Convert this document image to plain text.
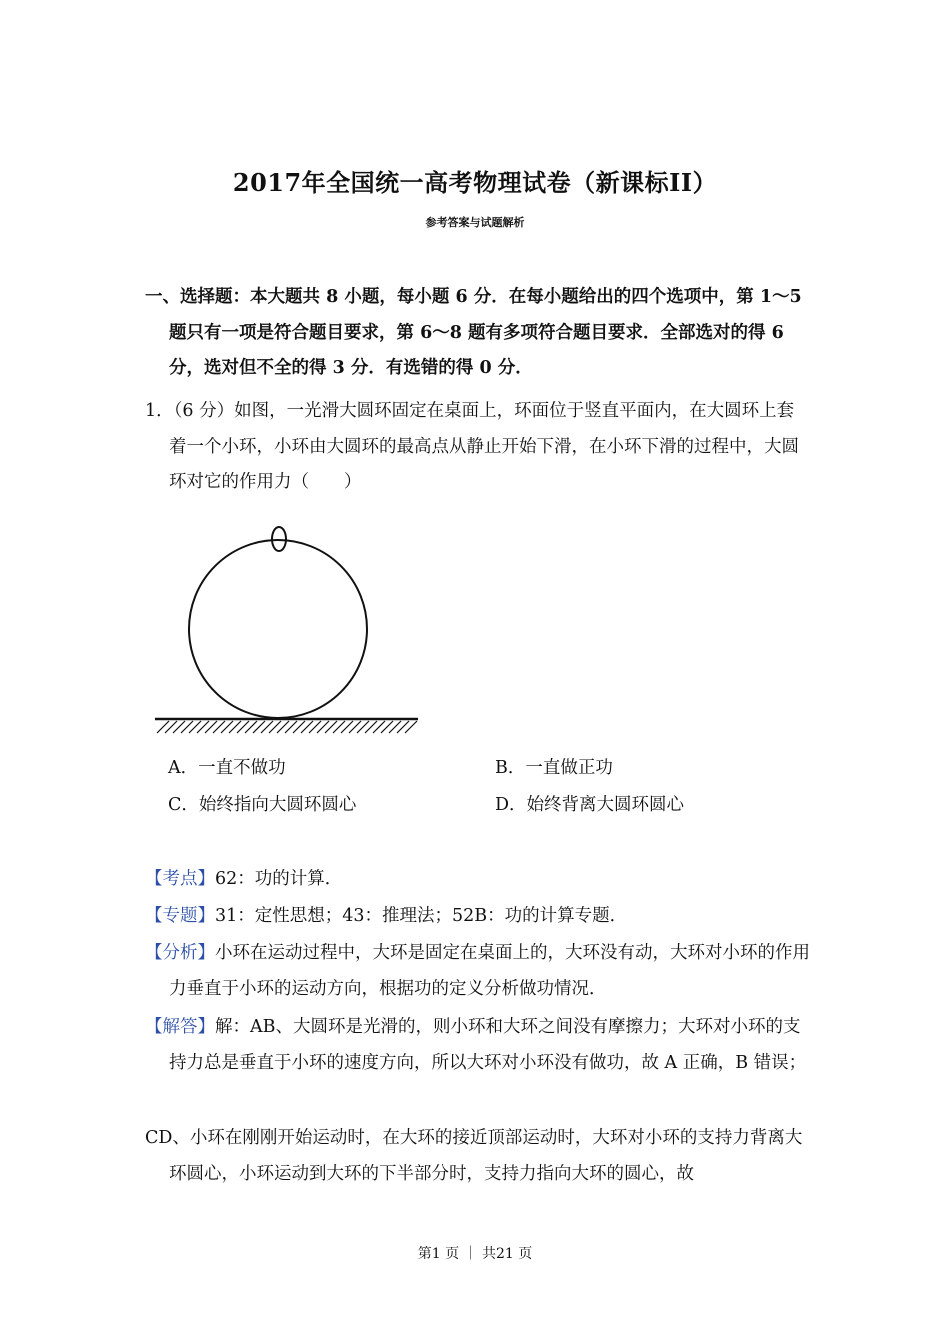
2017年全国统一高考物理试卷（新课标II）
参考答案与试题解析
一、选择题：本大题共 8 小题，每小题 6 分．在每小题给出的四个选项中，第 1～5 题只有一项是符合题目要求，第 6～8 题有多项符合题目要求．全部选对的得 6 分，选对但不全的得 3 分．有选错的得 0 分．
1．（6 分）如图，一光滑大圆环固定在桌面上，环面位于竖直平面内，在大圆环上套着一个小环，小环由大圆环的最高点从静止开始下滑，在小环下滑的过程中，大圆环对它的作用力（　　）
A．一直不做功	B．一直做正功
C．始终指向大圆环圆心	D．始终背离大圆环圆心
【考点】62：功的计算．
【专题】31：定性思想；43：推理法；52B：功的计算专题．
【分析】小环在运动过程中，大环是固定在桌面上的，大环没有动，大环对小环的作用力垂直于小环的运动方向，根据功的定义分析做功情况．
【解答】解：AB、大圆环是光滑的，则小环和大环之间没有摩擦力；大环对小环的支持力总是垂直于小环的速度方向，所以大环对小环没有做功，故 A 正确，B 错误；
CD、小环在刚刚开始运动时，在大环的接近顶部运动时，大环对小环的支持力背离大环圆心，小环运动到大环的下半部分时，支持力指向大环的圆心，故
第1 页 ｜ 共21 页
